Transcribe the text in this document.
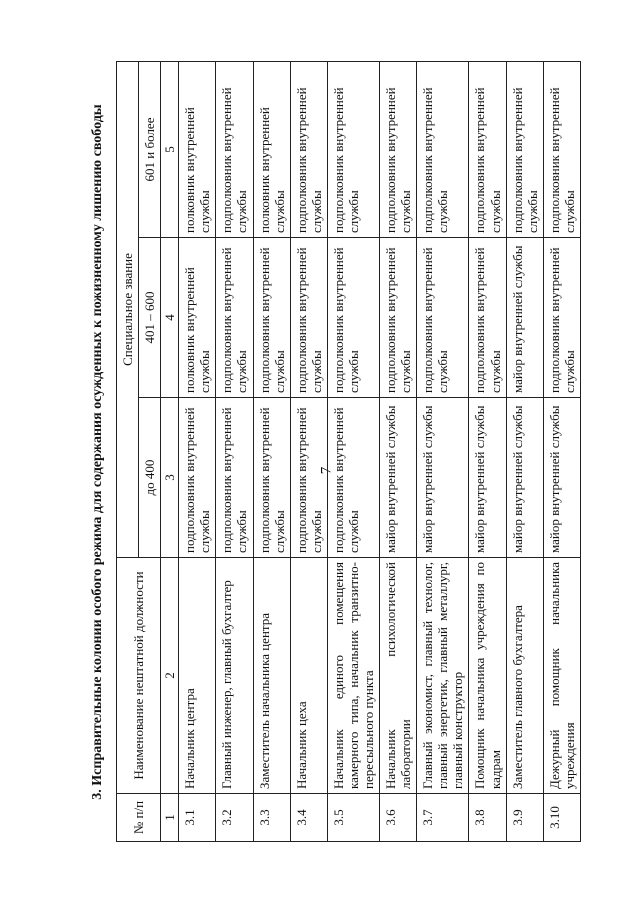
7
3. Исправительные колонии особого режима для содержания осужденных к пожизненному лишению свободы
№ п/п	Наименование нештатной должности	Специальное звание		
		до 400	401 – 600	601 и более
1	2	3	4	5
3.1	Начальник центра	подполковник внутренней службы	полковник внутренней службы	полковник внутренней службы
3.2	Главный инженер, главный бухгалтер	подполковник внутренней службы	подполковник внутренней службы	подполковник внутренней службы
3.3	Заместитель начальника центра	подполковник внутренней службы	подполковник внутренней службы	полковник внутренней службы
3.4	Начальник цеха	подполковник внутренней службы	подполковник внутренней службы	подполковник внутренней службы
3.5	Начальник единого помещения камерного типа, начальник транзитно-пересыльного пункта	подполковник внутренней службы	подполковник внутренней службы	подполковник внутренней службы
3.6	Начальник психологической лаборатории	майор внутренней службы	подполковник внутренней службы	подполковник внутренней службы
3.7	Главный экономист, главный технолог, главный энергетик, главный металлург, главный конструктор	майор внутренней службы	подполковник внутренней службы	подполковник внутренней службы
3.8	Помощник начальника учреждения по кадрам	майор внутренней службы	подполковник внутренней службы	подполковник внутренней службы
3.9	Заместитель главного бухгалтера	майор внутренней службы	майор внутренней службы	подполковник внутренней службы
3.10	Дежурный помощник начальника учреждения	майор внутренней службы	подполковник внутренней службы	подполковник внутренней службы
